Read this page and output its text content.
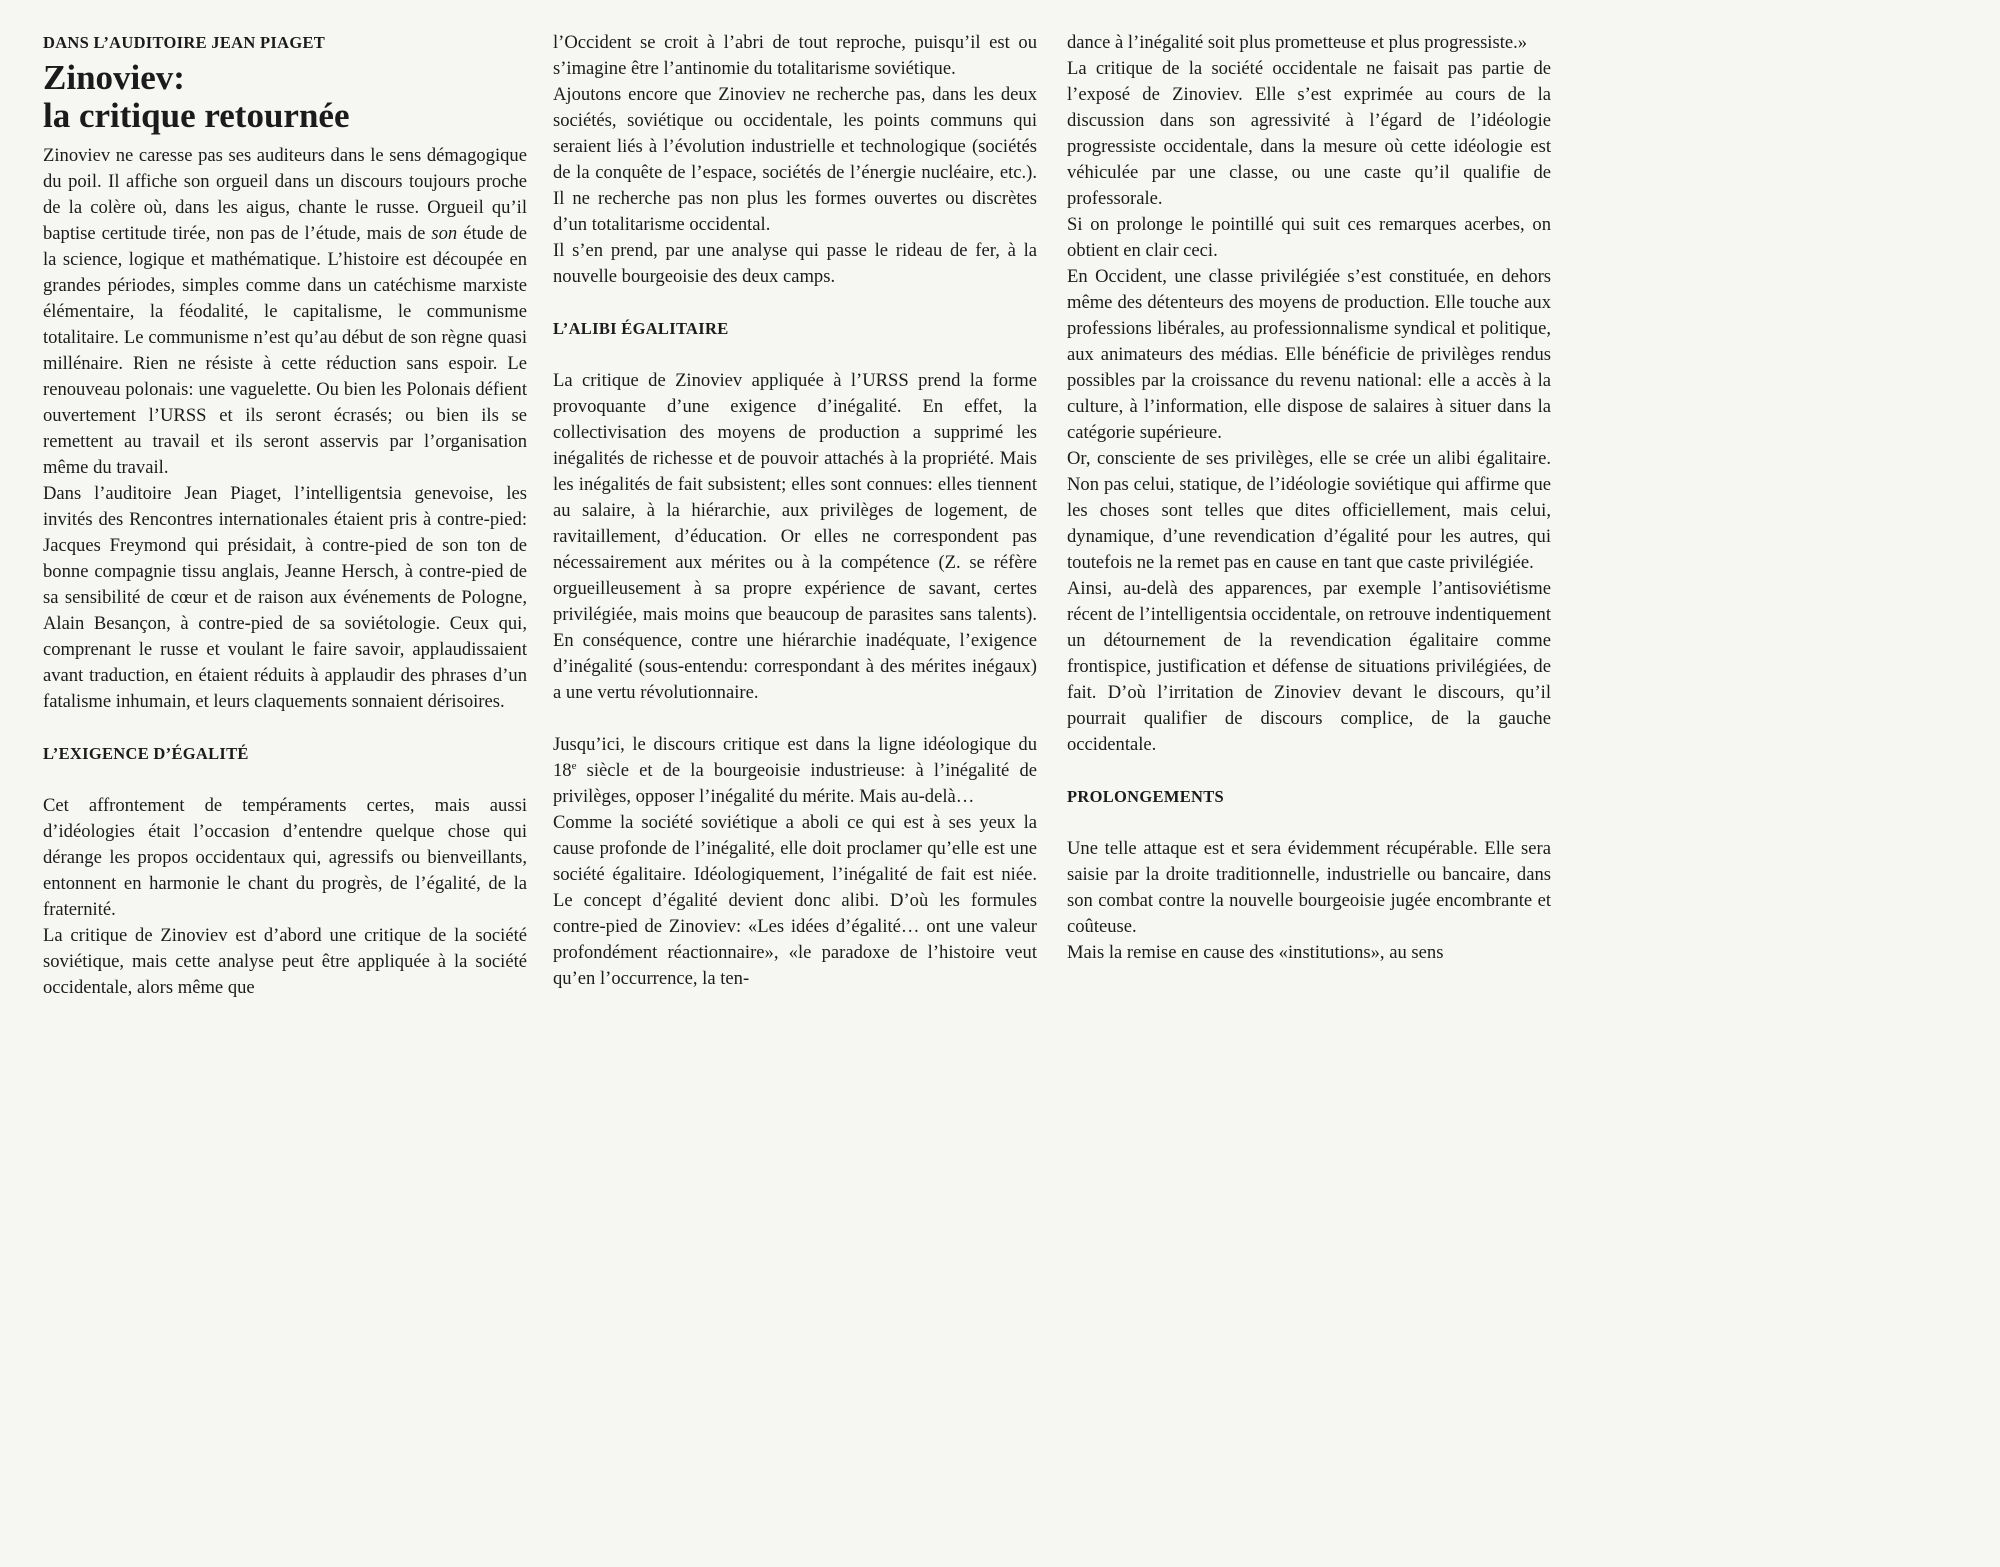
DANS L’AUDITOIRE JEAN PIAGET
Zinoviev:
la critique retournée

Zinoviev ne caresse pas ses auditeurs dans le sens démagogique du poil. Il affiche son orgueil dans un discours toujours proche de la colère où, dans les aigus, chante le russe. Orgueil qu’il baptise certitude tirée, non pas de l’étude, mais de son étude de la science, logique et mathématique. L’histoire est découpée en grandes périodes, simples comme dans un catéchisme marxiste élémentaire, la féodalité, le capitalisme, le communisme totalitaire. Le communisme n’est qu’au début de son règne quasi millénaire. Rien ne résiste à cette réduction sans espoir. Le renouveau polonais: une vaguelette. Ou bien les Polonais défient ouvertement l’URSS et ils seront écrasés; ou bien ils se remettent au travail et ils seront asservis par l’organisation même du travail.

Dans l’auditoire Jean Piaget, l’intelligentsia genevoise, les invités des Rencontres internationales étaient pris à contre-pied: Jacques Freymond qui présidait, à contre-pied de son ton de bonne compagnie tissu anglais, Jeanne Hersch, à contre-pied de sa sensibilité de cœur et de raison aux événements de Pologne, Alain Besançon, à contre-pied de sa soviétologie. Ceux qui, comprenant le russe et voulant le faire savoir, applaudissaient avant traduction, en étaient réduits à applaudir des phrases d’un fatalisme inhumain, et leurs claquements sonnaient dérisoires.

L’EXIGENCE D’ÉGALITÉ

Cet affrontement de tempéraments certes, mais aussi d’idéologies était l’occasion d’entendre quelque chose qui dérange les propos occidentaux qui, agressifs ou bienveillants, entonnent en harmonie le chant du progrès, de l’égalité, de la fraternité.

La critique de Zinoviev est d’abord une critique de la société soviétique, mais cette analyse peut être appliquée à la société occidentale, alors même que

l’Occident se croit à l’abri de tout reproche, puisqu’il est ou s’imagine être l’antinomie du totalitarisme soviétique.

Ajoutons encore que Zinoviev ne recherche pas, dans les deux sociétés, soviétique ou occidentale, les points communs qui seraient liés à l’évolution industrielle et technologique (sociétés de la conquête de l’espace, sociétés de l’énergie nucléaire, etc.). Il ne recherche pas non plus les formes ouvertes ou discrètes d’un totalitarisme occidental.

Il s’en prend, par une analyse qui passe le rideau de fer, à la nouvelle bourgeoisie des deux camps.

L’ALIBI ÉGALITAIRE

La critique de Zinoviev appliquée à l’URSS prend la forme provoquante d’une exigence d’inégalité. En effet, la collectivisation des moyens de production a supprimé les inégalités de richesse et de pouvoir attachés à la propriété. Mais les inégalités de fait subsistent; elles sont connues: elles tiennent au salaire, à la hiérarchie, aux privilèges de logement, de ravitaillement, d’éducation. Or elles ne correspondent pas nécessairement aux mérites ou à la compétence (Z. se réfère orgueilleusement à sa propre expérience de savant, certes privilégiée, mais moins que beaucoup de parasites sans talents). En conséquence, contre une hiérarchie inadéquate, l’exigence d’inégalité (sous-entendu: correspondant à des mérites inégaux) a une vertu révolutionnaire.

Jusqu’ici, le discours critique est dans la ligne idéologique du 18e siècle et de la bourgeoisie industrieuse: à l’inégalité de privilèges, opposer l’inégalité du mérite. Mais au-delà…

Comme la société soviétique a aboli ce qui est à ses yeux la cause profonde de l’inégalité, elle doit proclamer qu’elle est une société égalitaire. Idéologiquement, l’inégalité de fait est niée. Le concept d’égalité devient donc alibi. D’où les formules contre-pied de Zinoviev: «Les idées d’égalité… ont une valeur profondément réactionnaire», «le paradoxe de l’histoire veut qu’en l’occurrence, la ten-

dance à l’inégalité soit plus prometteuse et plus progressiste.»

La critique de la société occidentale ne faisait pas partie de l’exposé de Zinoviev. Elle s’est exprimée au cours de la discussion dans son agressivité à l’égard de l’idéologie progressiste occidentale, dans la mesure où cette idéologie est véhiculée par une classe, ou une caste qu’il qualifie de professorale.

Si on prolonge le pointillé qui suit ces remarques acerbes, on obtient en clair ceci.

En Occident, une classe privilégiée s’est constituée, en dehors même des détenteurs des moyens de production. Elle touche aux professions libérales, au professionnalisme syndical et politique, aux animateurs des médias. Elle bénéficie de privilèges rendus possibles par la croissance du revenu national: elle a accès à la culture, à l’information, elle dispose de salaires à situer dans la catégorie supérieure.

Or, consciente de ses privilèges, elle se crée un alibi égalitaire. Non pas celui, statique, de l’idéologie soviétique qui affirme que les choses sont telles que dites officiellement, mais celui, dynamique, d’une revendication d’égalité pour les autres, qui toutefois ne la remet pas en cause en tant que caste privilégiée.

Ainsi, au-delà des apparences, par exemple l’antisoviétisme récent de l’intelligentsia occidentale, on retrouve indentiquement un détournement de la revendication égalitaire comme frontispice, justification et défense de situations privilégiées, de fait. D’où l’irritation de Zinoviev devant le discours, qu’il pourrait qualifier de discours complice, de la gauche occidentale.

PROLONGEMENTS

Une telle attaque est et sera évidemment récupérable. Elle sera saisie par la droite traditionnelle, industrielle ou bancaire, dans son combat contre la nouvelle bourgeoisie jugée encombrante et coûteuse.

Mais la remise en cause des «institutions», au sens
